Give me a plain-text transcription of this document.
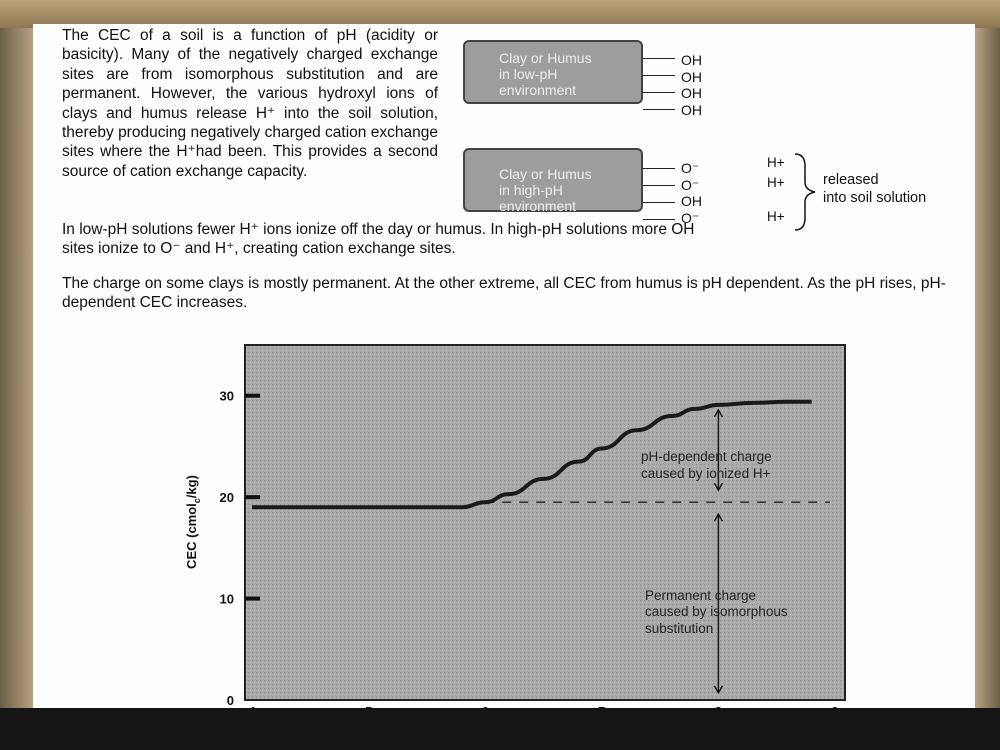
The CEC of a soil is a function of pH (acidity or basicity). Many of the negatively charged exchange sites are from isomorphous substitution and are permanent. However, the various hydroxyl ions of clays and humus release H⁺ into the soil solution, thereby producing negatively charged cation exchange sites where the H⁺had been. This provides a second source of cation exchange capacity.
In low-pH solutions fewer H⁺ ions ionize off the day or humus. In high-pH solutions more OH sites ionize to O⁻ and H⁺, creating cation exchange sites.
The charge on some clays is mostly permanent. At the other extreme, all CEC from humus is pH dependent. As the pH rises, pH-dependent CEC increases.
Clay or Humus
in low-pH
environment
OH
OH
OH
OH
Clay or Humus
in high-pH
environment
O⁻
O⁻
OH
O⁻
H+
H+
H+
released
into soil solution
0
10
20
30
pH-dependent charge
caused by ionized H+
Permanent charge
caused by isomorphous
substitution
CEC (cmol$_c$/kg)
